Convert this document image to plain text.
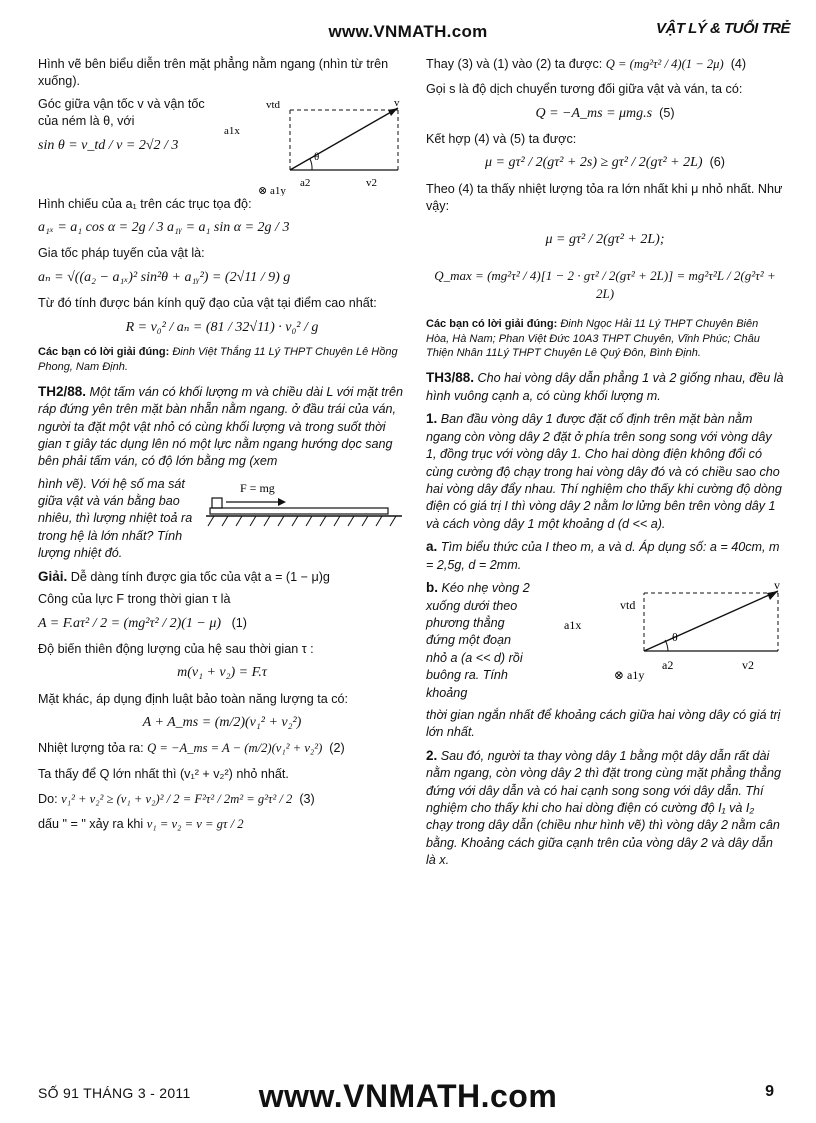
www.VNMATH.com	VẬT LÝ & TUỔI TRẺ

Hình vẽ bên biểu diễn trên mặt phẳng nằm ngang (nhìn từ trên xuống).

vtd	v
a1x
θ
a2	v2
⊗ a1y

Góc giữa vận tốc v và vận tốc của ném là θ, với

sin θ = v_td / v = 2√2 / 3

Hình chiếu của a₁ trên các trục tọa độ:

a₁ₓ = a₁ cos α = 2g / 3 a₁ᵧ = a₁ sin α = 2g / 3

Gia tốc pháp tuyến của vật là:

aₙ = √((a₂ − a₁ₓ)² sin²θ + a₁ᵧ²) = (2√11 / 9) g

Từ đó tính được bán kính quỹ đạo của vật tại điểm cao nhất:

R = v₀² / aₙ = (81 / 32√11) · v₀² / g
Các bạn có lời giải đúng: Đinh Việt Thắng 11 Lý THPT Chuyên Lê Hồng Phong, Nam Định.

TH2/88. Một tấm ván có khối lượng m và chiều dài L với mặt trên ráp đứng yên trên mặt bàn nhẵn nằm ngang. ở đầu trái của ván, người ta đặt một vật nhỏ có cùng khối lượng và trong suốt thời gian τ giây tác dụng lên nó một lực nằm ngang hướng dọc sang bên phải tấm ván, có độ lớn bằng mg (xem

F = mg

hình vẽ). Với hệ số ma sát giữa vật và ván bằng bao nhiêu, thì lượng nhiệt toả ra trong hệ là lớn nhất? Tính lượng nhiệt đó.

Giải. Dễ dàng tính được gia tốc của vật a = (1 − μ)g

Công của lực F trong thời gian τ là

A = F.aτ² / 2 = (mg²τ² / 2)(1 − μ) (1)

Độ biến thiên động lượng của hệ sau thời gian τ :

m(v₁ + v₂) = F.τ

Mặt khác, áp dụng định luật bảo toàn năng lượng ta có:

A + A_ms = (m/2)(v₁² + v₂²)

Nhiệt lượng tỏa ra: Q = −A_ms = A − (m/2)(v₁² + v₂²) (2)

Ta thấy để Q lớn nhất thì (v₁² + v₂²) nhỏ nhất.

Do: v₁² + v₂² ≥ (v₁ + v₂)² / 2 = F²τ² / 2m² = g²τ² / 2 (3)

dấu " = " xảy ra khi v₁ = v₂ = v = gτ / 2

Thay (3) và (1) vào (2) ta được: Q = (mg²τ² / 4)(1 − 2μ) (4)

Gọi s là độ dịch chuyển tương đối giữa vật và ván, ta có:

Q = −A_ms = μmg.s (5)

Kết hợp (4) và (5) ta được:

μ = gτ² / 2(gτ² + 2s) ≥ gτ² / 2(gτ² + 2L) (6)

Theo (4) ta thấy nhiệt lượng tỏa ra lớn nhất khi μ nhỏ nhất. Như vậy:

μ = gτ² / 2(gτ² + 2L);
Q_max = (mg²τ² / 4)[1 − 2 · gτ² / 2(gτ² + 2L)] = mg²τ²L / 2(g²τ² + 2L)
Các bạn có lời giải đúng: Đinh Ngọc Hải 11 Lý THPT Chuyên Biên Hòa, Hà Nam; Phan Việt Đức 10A3 THPT Chuyên, Vĩnh Phúc; Châu Thiện Nhân 11Lý THPT Chuyên Lê Quý Đôn, Bình Định.

TH3/88. Cho hai vòng dây dẫn phẳng 1 và 2 giống nhau, đều là hình vuông cạnh a, có cùng khối lượng m.

1. Ban đầu vòng dây 1 được đặt cố định trên mặt bàn nằm ngang còn vòng dây 2 đặt ở phía trên song song với vòng dây 1, đồng trục với vòng dây 1. Cho hai dòng điện không đổi có cùng cường độ chạy trong hai vòng dây đó và có chiều sao cho hai vòng dây đẩy nhau. Thí nghiệm cho thấy khi cường độ dòng điện có giá trị I thì vòng dây 2 nằm lơ lửng bên trên vòng dây 1 và cách vòng dây 1 một khoảng d (d << a).

a. Tìm biểu thức của I theo m, a và d. Áp dụng số: a = 40cm, m = 2,5g, d = 2mm.

vtd
v
a1x
θ
a2	v2
⊗ a1y

b. Kéo nhẹ vòng 2 xuống dưới theo phương thẳng đứng một đoạn nhỏ a (a << d) rồi buông ra. Tính khoảng

thời gian ngắn nhất để khoảng cách giữa hai vòng dây có giá trị lớn nhất.

2. Sau đó, người ta thay vòng dây 1 bằng một dây dẫn rất dài nằm ngang, còn vòng dây 2 thì đặt trong cùng mặt phẳng thẳng đứng với dây dẫn và có hai cạnh song song với dây dẫn. Thí nghiệm cho thấy khi cho hai dòng điện có cường độ I₁ và I₂ chạy trong dây dẫn (chiều như hình vẽ) thì vòng dây 2 nằm cân bằng. Khoảng cách giữa cạnh trên của vòng dây 2 và dây dẫn là x.

SỐ 91 THÁNG 3 - 2011	www.VNMATH.com	9
